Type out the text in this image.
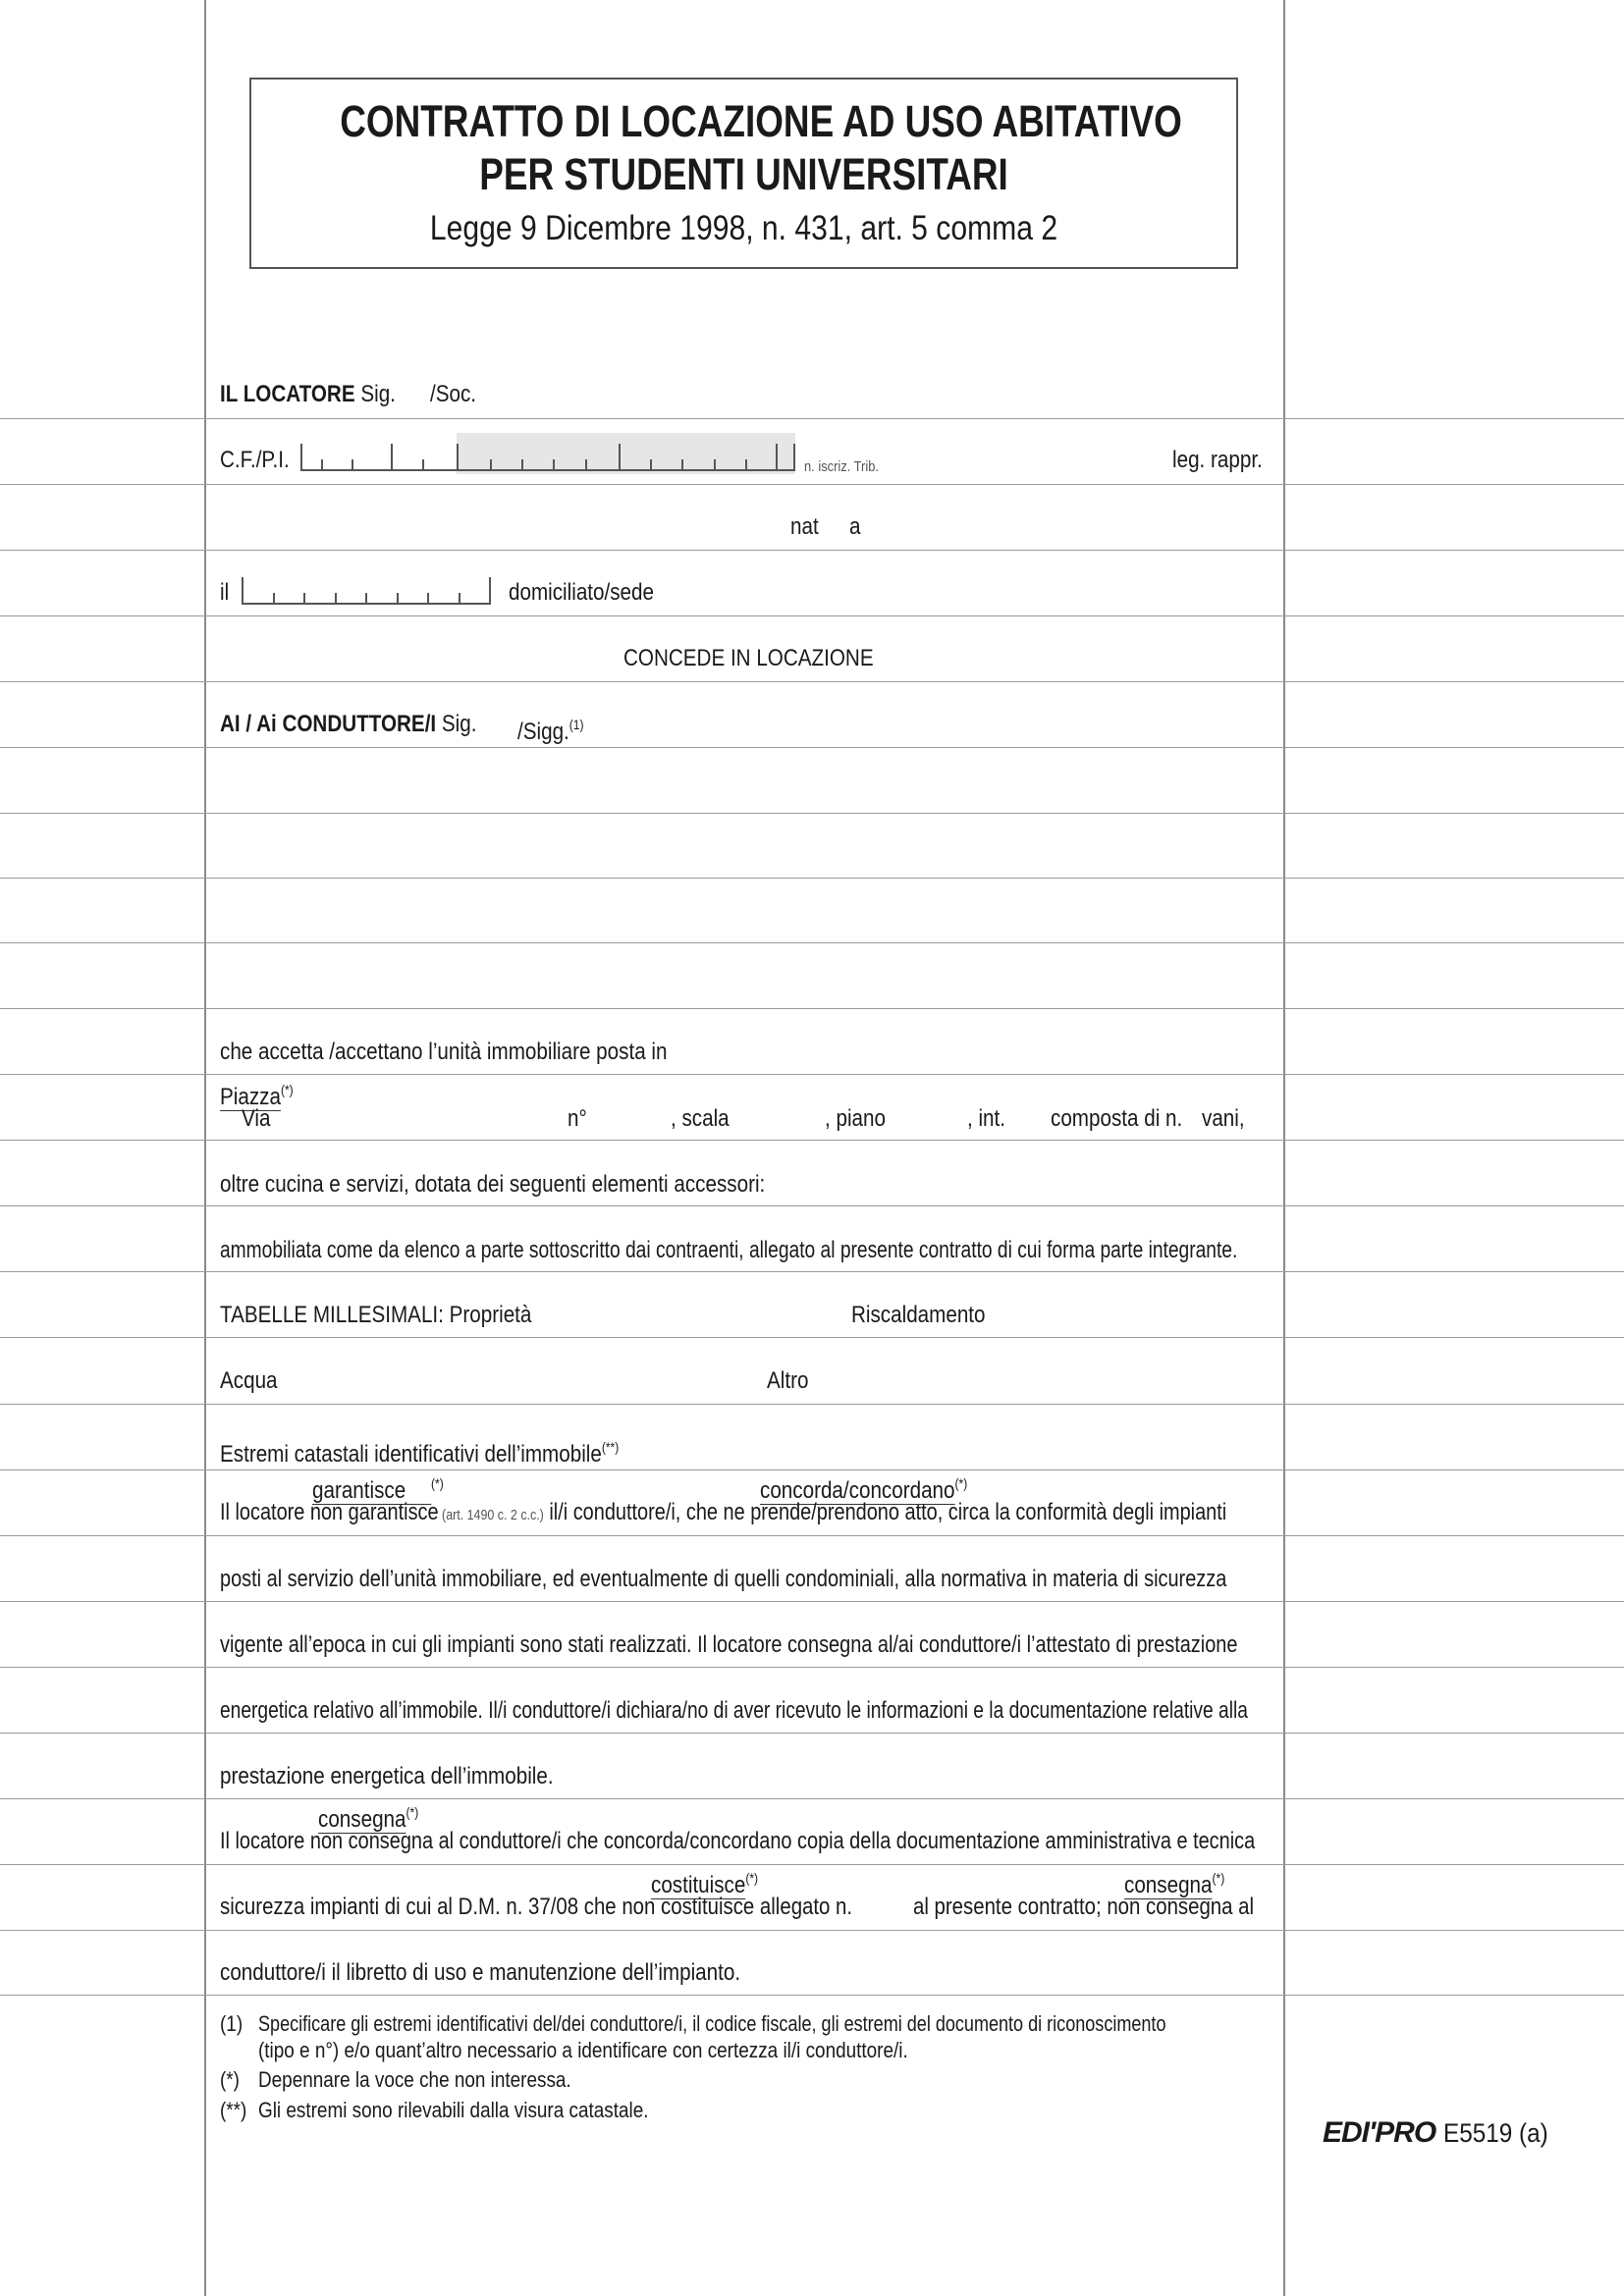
CONTRATTO DI LOCAZIONE AD USO ABITATIVO
PER STUDENTI UNIVERSITARI
Legge 9 Dicembre 1998, n. 431, art. 5 comma 2
IL LOCATORE Sig. /Soc.
C.F./P.I.	n. iscriz. Trib.	leg. rappr.
nat a
il	domiciliato/sede
CONCEDE IN LOCAZIONE
AI / Ai CONDUTTORE/I Sig. /Sigg.$^{(1)}$
che accetta /accettano l’unità immobiliare posta in
Piazza(*)
Via	n°	, scala	, piano	, int. composta di n. vani,
oltre cucina e servizi, dotata dei seguenti elementi accessori:
ammobiliata come da elenco a parte sottoscritto dai contraenti, allegato al presente contratto di cui forma parte integrante.
TABELLE MILLESIMALI: Proprietà	Riscaldamento
Acqua	Altro
Estremi catastali identificativi dell’immobile(**)
garantisce (*)	concorda/concordano(*)
Il locatore non garantisce (art. 1490 c. 2 c.c.) il/i conduttore/i, che ne prende/prendono atto, circa la conformità degli impianti
posti al servizio dell’unità immobiliare, ed eventualmente di quelli condominiali, alla normativa in materia di sicurezza
vigente all’epoca in cui gli impianti sono stati realizzati. Il locatore consegna al/ai conduttore/i l’attestato di prestazione
energetica relativo all’immobile. Il/i conduttore/i dichiara/no di aver ricevuto le informazioni e la documentazione relative alla
prestazione energetica dell’immobile.
consegna(*)
Il locatore non consegna al conduttore/i che concorda/concordano copia della documentazione amministrativa e tecnica
costituisce(*)	consegna(*)
sicurezza impianti di cui al D.M. n. 37/08 che non costituisce allegato n.	al presente contratto; non consegna al
conduttore/i il libretto di uso e manutenzione dell’impianto.
(1) Specificare gli estremi identificativi del/dei conduttore/i, il codice fiscale, gli estremi del documento di riconoscimento
(tipo e n°) e/o quant’altro necessario a identificare con certezza il/i conduttore/i.
(*) Depennare la voce che non interessa.
(**) Gli estremi sono rilevabili dalla visura catastale.
EDI'PRO E5519 (a)
